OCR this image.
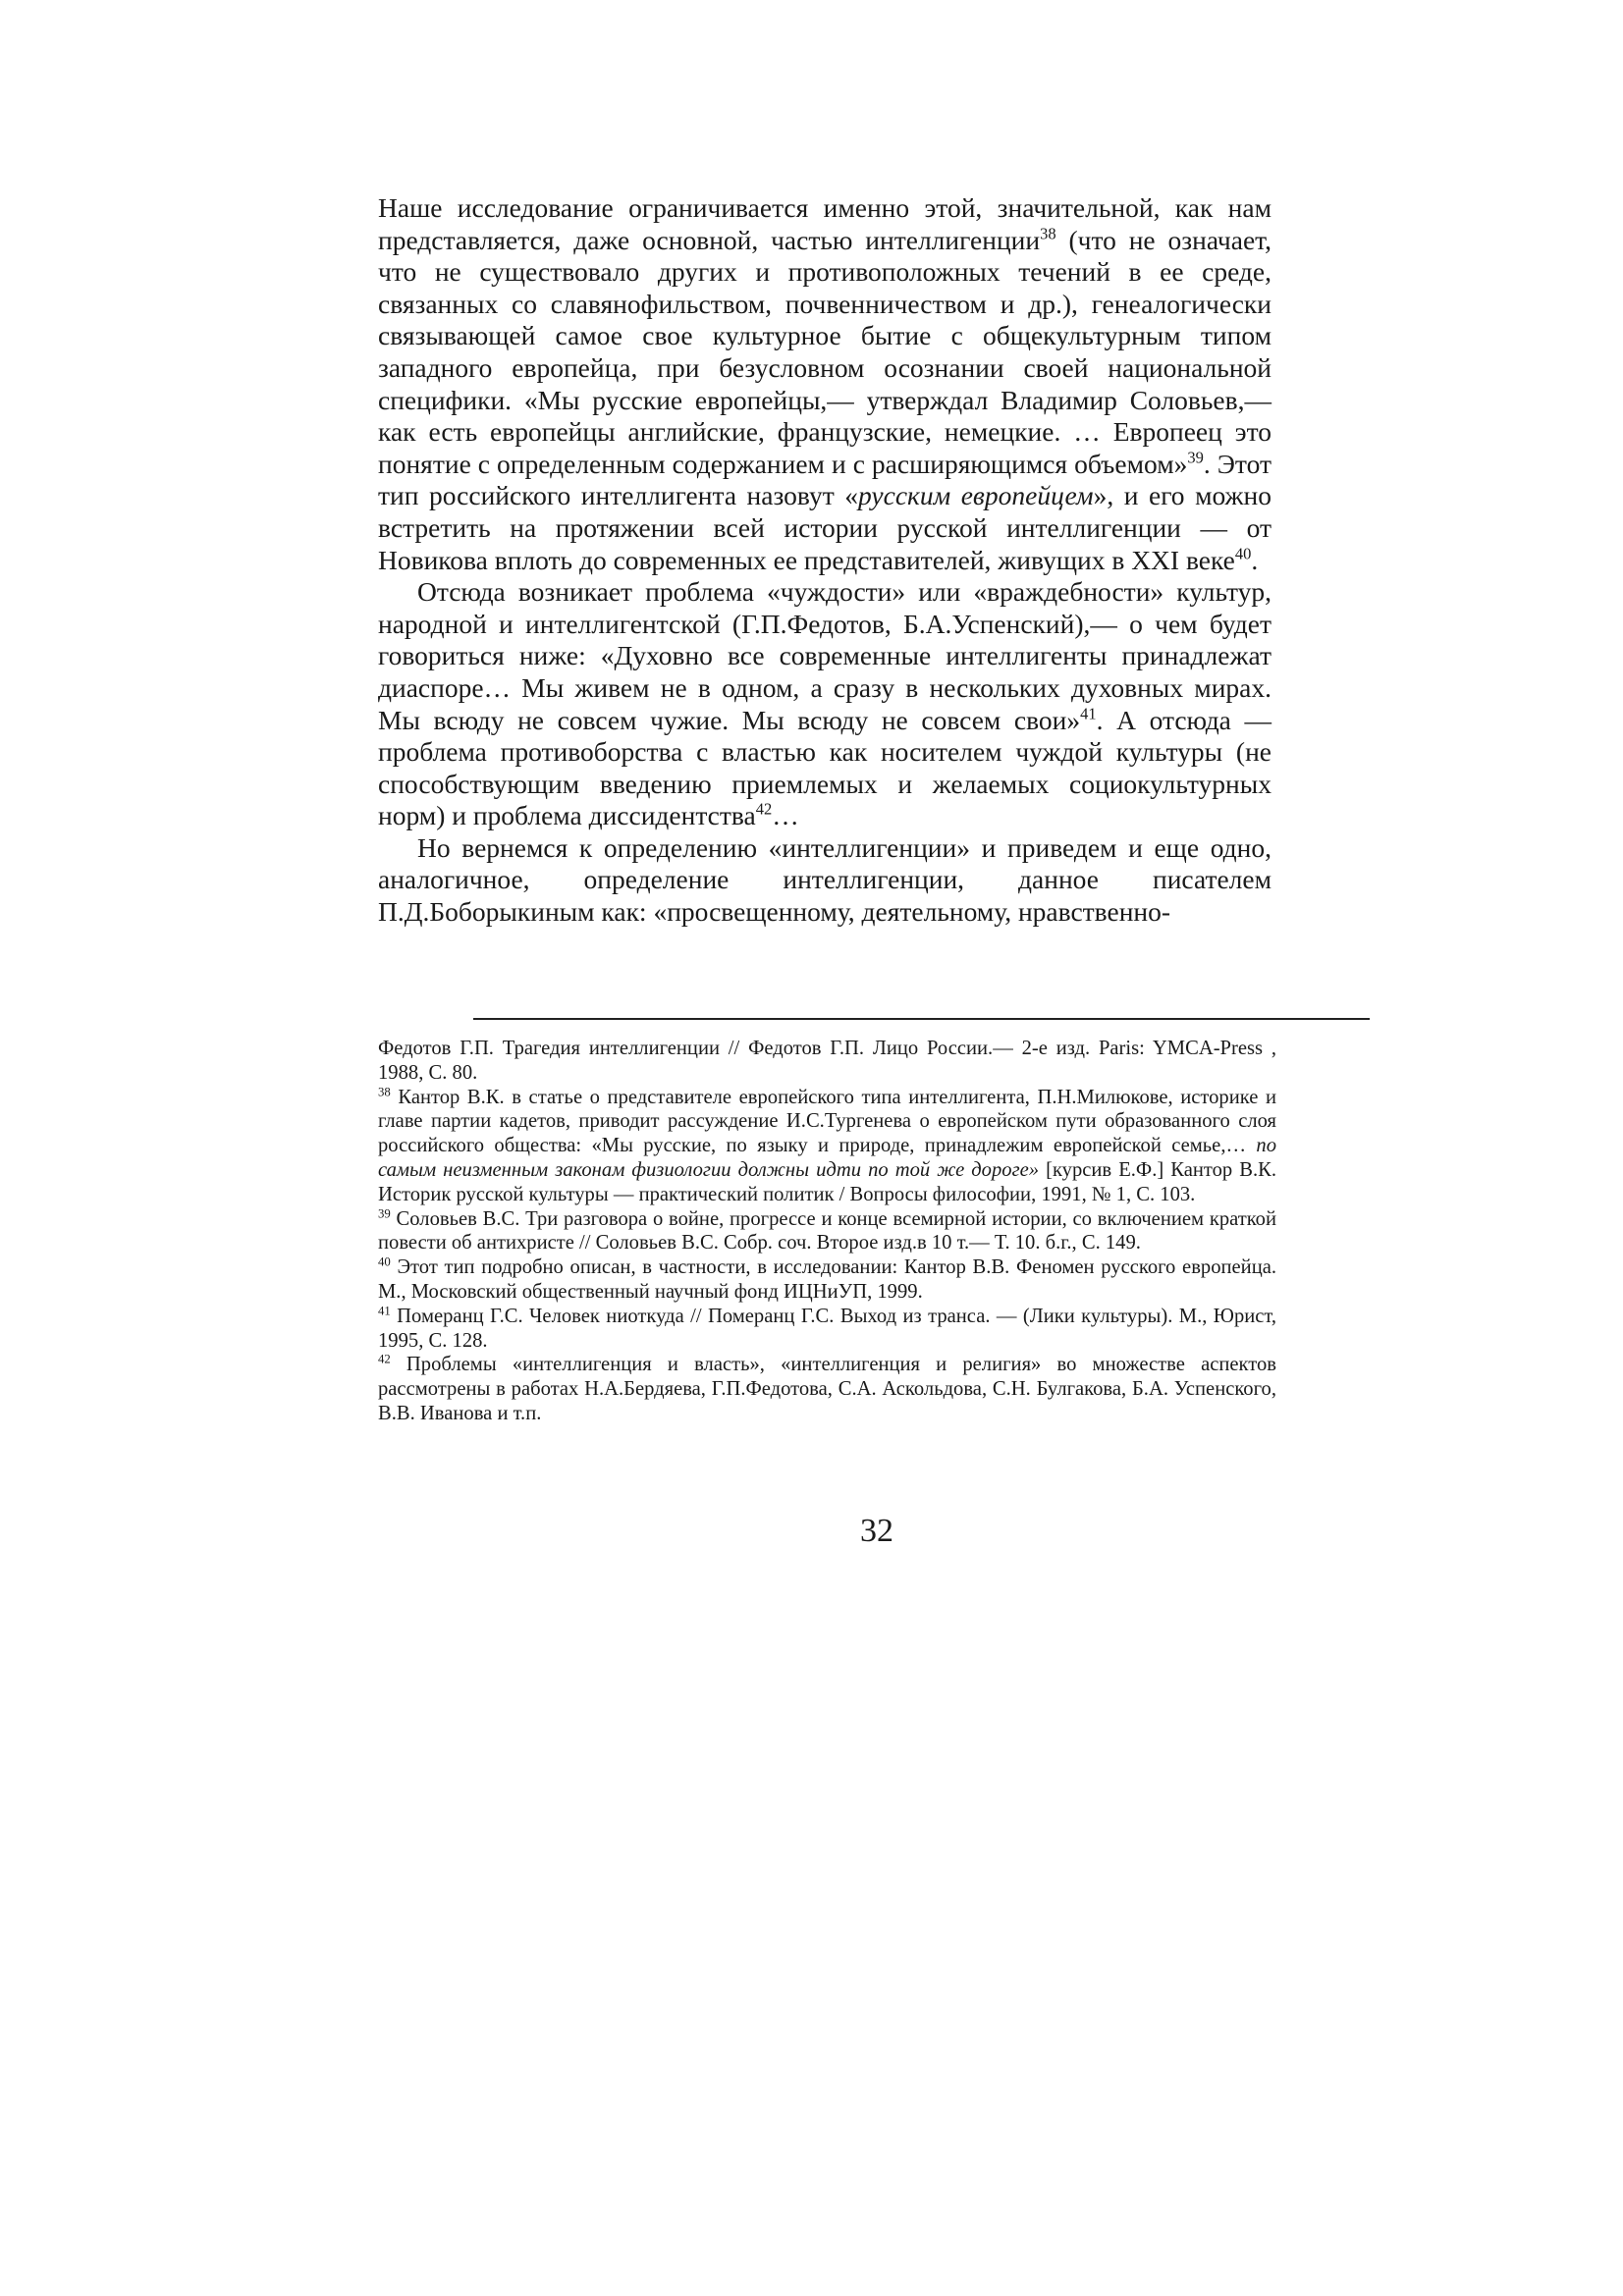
Наше исследование ограничивается именно этой, значительной, как нам представляется, даже основной, частью интеллигенции$^{38}$ (что не означает, что не существовало других и противоположных течений в ее среде, связанных со славянофильством, почвенничеством и др.), генеалогически связывающей самое свое культурное бытие с общекультурным типом западного европейца, при безусловном осознании своей национальной специфики. «Мы русские европейцы,— утверждал Владимир Соловьев,— как есть европейцы английские, французские, немецкие. … Европеец это понятие с определенным содержанием и с расширяющимся объемом»$^{39}$. Этот тип российского интеллигента назовут «русским европейцем», и его можно встретить на протяжении всей истории русской интеллигенции — от Новикова вплоть до современных ее представителей, живущих в XXI веке$^{40}$.

Отсюда возникает проблема «чуждости» или «враждебности» культур, народной и интеллигентской (Г.П.Федотов, Б.А.Успенский),— о чем будет говориться ниже: «Духовно все современные интеллигенты принадлежат диаспоре… Мы живем не в одном, а сразу в нескольких духовных мирах. Мы всюду не совсем чужие. Мы всюду не совсем свои»$^{41}$. А отсюда — проблема противоборства с властью как носителем чуждой культуры (не способствующим введению приемлемых и желаемых социокультурных норм) и проблема диссидентства$^{42}$…

Но вернемся к определению «интеллигенции» и приведем и еще одно, аналогичное, определение интеллигенции, данное писателем П.Д.Боборыкиным как: «просвещенному, деятельному, нравственно-

Федотов Г.П. Трагедия интеллигенции // Федотов Г.П. Лицо России.— 2-е изд. Paris: YMCA-Press , 1988, С. 80.

$^{38}$ Кантор В.К. в статье о представителе европейского типа интеллигента, П.Н.Милюкове, историке и главе партии кадетов, приводит рассуждение И.С.Тургенева о европейском пути образованного слоя российского общества: «Мы русские, по языку и природе, принадлежим европейской семье,… по самым неизменным законам физиологии должны идти по той же дороге» [курсив Е.Ф.] Кантор В.К. Историк русской культуры — практический политик / Вопросы философии, 1991, № 1, С. 103.

$^{39}$ Соловьев В.С. Три разговора о войне, прогрессе и конце всемирной истории, со включением краткой повести об антихристе // Соловьев В.С. Собр. соч. Второе изд.в 10 т.— Т. 10. б.г., С. 149.

$^{40}$ Этот тип подробно описан, в частности, в исследовании: Кантор В.В. Феномен русского европейца. М., Московский общественный научный фонд ИЦНиУП, 1999.

$^{41}$ Померанц Г.С. Человек ниоткуда // Померанц Г.С. Выход из транса. — (Лики культуры). М., Юрист, 1995, С. 128.

$^{42}$ Проблемы «интеллигенция и власть», «интеллигенция и религия» во множестве аспектов рассмотрены в работах Н.А.Бердяева, Г.П.Федотова, С.А. Аскольдова, С.Н. Булгакова, Б.А. Успенского, В.В. Иванова и т.п.

32
